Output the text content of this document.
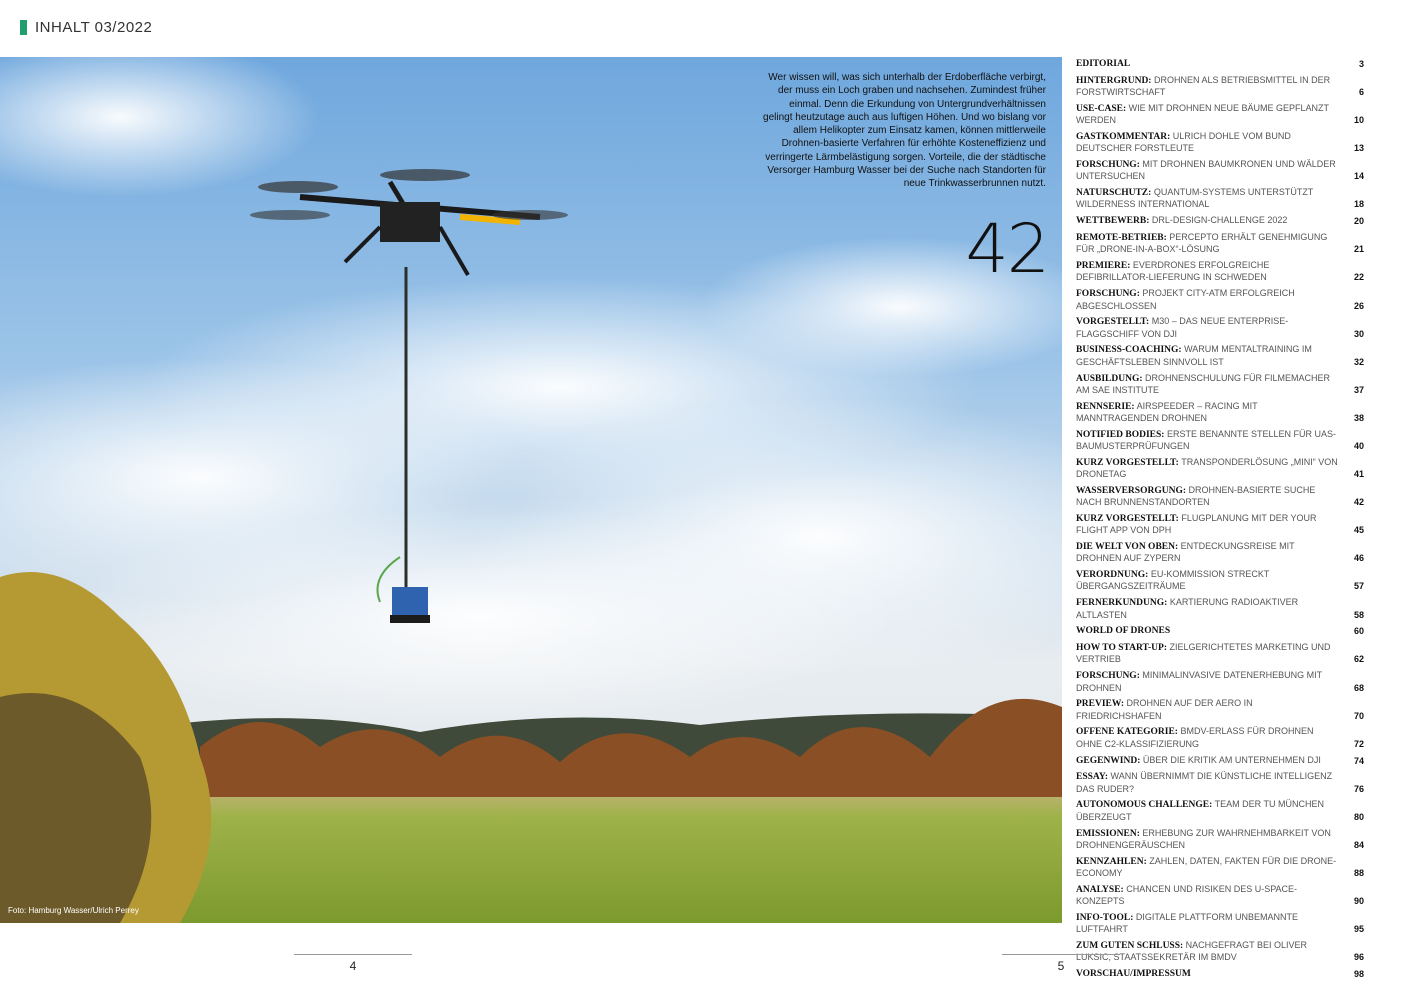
INHALT 03/2022
Wer wissen will, was sich unterhalb der Erdoberfläche verbirgt, der muss ein Loch graben und nachsehen. Zumindest früher einmal. Denn die Erkundung von Untergrundverhältnissen gelingt heutzutage auch aus luftigen Höhen. Und wo bislang vor allem Helikopter zum Einsatz kamen, können mittlerweile Drohnen-basierte Verfahren für erhöhte Kosteneffizienz und verringerte Lärmbelästigung sorgen. Vorteile, die der städtische Versorger Hamburg Wasser bei der Suche nach Standorten für neue Trinkwasserbrunnen nutzt.
42
Foto: Hamburg Wasser/Ulrich Perrey
EDITORIAL	3
HINTERGRUND: DROHNEN ALS BETRIEBSMITTEL IN DER FORSTWIRTSCHAFT	6
USE-CASE: WIE MIT DROHNEN NEUE BÄUME GEPFLANZT WERDEN	10
GASTKOMMENTAR: ULRICH DOHLE VOM BUND DEUTSCHER FORSTLEUTE	13
FORSCHUNG: MIT DROHNEN BAUMKRONEN UND WÄLDER UNTERSUCHEN	14
NATURSCHUTZ: QUANTUM-SYSTEMS UNTERSTÜTZT WILDERNESS INTERNATIONAL	18
WETTBEWERB: DRL-DESIGN-CHALLENGE 2022	20
REMOTE-BETRIEB: PERCEPTO ERHÄLT GENEHMIGUNG FÜR „DRONE-IN-A-BOX“-LÖSUNG	21
PREMIERE: EVERDRONES ERFOLGREICHE DEFIBRILLATOR-LIEFERUNG IN SCHWEDEN	22
FORSCHUNG: PROJEKT CITY-ATM ERFOLGREICH ABGESCHLOSSEN	26
VORGESTELLT: M30 – DAS NEUE ENTERPRISE-FLAGGSCHIFF VON DJI	30
BUSINESS-COACHING: WARUM MENTALTRAINING IM GESCHÄFTSLEBEN SINNVOLL IST	32
AUSBILDUNG: DROHNENSCHULUNG FÜR FILMEMACHER AM SAE INSTITUTE	37
RENNSERIE: AIRSPEEDER – RACING MIT MANNTRAGENDEN DROHNEN	38
NOTIFIED BODIES: ERSTE BENANNTE STELLEN FÜR UAS-BAUMUSTERPRÜFUNGEN	40
KURZ VORGESTELLT: TRANSPONDERLÖSUNG „MINI“ VON DRONETAG	41
WASSERVERSORGUNG: DROHNEN-BASIERTE SUCHE NACH BRUNNENSTANDORTEN	42
KURZ VORGESTELLT: FLUGPLANUNG MIT DER YOUR FLIGHT APP VON DPH	45
DIE WELT VON OBEN: ENTDECKUNGSREISE MIT DROHNEN AUF ZYPERN	46
VERORDNUNG: EU-KOMMISSION STRECKT ÜBERGANGSZEITRÄUME	57
FERNERKUNDUNG: KARTIERUNG RADIOAKTIVER ALTLASTEN	58
WORLD OF DRONES	60
HOW TO START-UP: ZIELGERICHTETES MARKETING UND VERTRIEB	62
FORSCHUNG: MINIMALINVASIVE DATENERHEBUNG MIT DROHNEN	68
PREVIEW: DROHNEN AUF DER AERO IN FRIEDRICHSHAFEN	70
OFFENE KATEGORIE: BMDV-ERLASS FÜR DROHNEN OHNE C2-KLASSIFIZIERUNG	72
GEGENWIND: ÜBER DIE KRITIK AM UNTERNEHMEN DJI	74
ESSAY: WANN ÜBERNIMMT DIE KÜNSTLICHE INTELLIGENZ DAS RUDER?	76
AUTONOMOUS CHALLENGE: TEAM DER TU MÜNCHEN ÜBERZEUGT	80
EMISSIONEN: ERHEBUNG ZUR WAHRNEHMBARKEIT VON DROHNENGERÄUSCHEN	84
KENNZAHLEN: ZAHLEN, DATEN, FAKTEN FÜR DIE DRONE-ECONOMY	88
ANALYSE: CHANCEN UND RISIKEN DES U-SPACE-KONZEPTS	90
INFO-TOOL: DIGITALE PLATTFORM UNBEMANNTE LUFTFAHRT	95
ZUM GUTEN SCHLUSS: NACHGEFRAGT BEI OLIVER LUKSIC, STAATSSEKRETÄR IM BMDV	96
VORSCHAU/IMPRESSUM	98
4	5
